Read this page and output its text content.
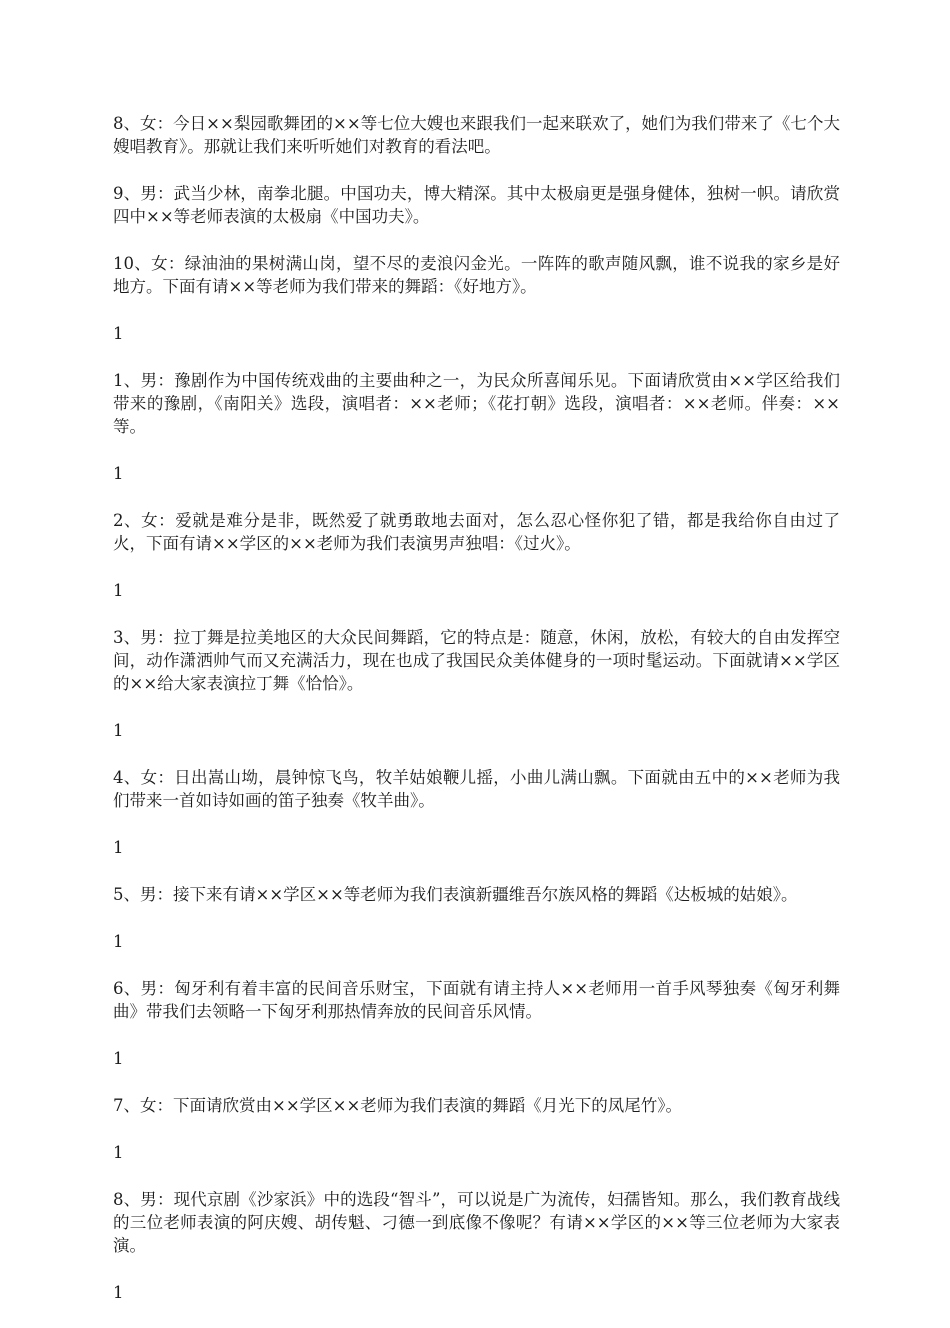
8、女：今日××梨园歌舞团的××等七位大嫂也来跟我们一起来联欢了，她们为我们带来了《七个大嫂唱教育》。那就让我们来听听她们对教育的看法吧。

9、男：武当少林，南拳北腿。中国功夫，博大精深。其中太极扇更是强身健体，独树一帜。请欣赏四中××等老师表演的太极扇《中国功夫》。

10、女：绿油油的果树满山岗，望不尽的麦浪闪金光。一阵阵的歌声随风飘，谁不说我的家乡是好地方。下面有请××等老师为我们带来的舞蹈：《好地方》。

1

1、男：豫剧作为中国传统戏曲的主要曲种之一，为民众所喜闻乐见。下面请欣赏由××学区给我们带来的豫剧，《南阳关》选段，演唱者：××老师；《花打朝》选段，演唱者：××老师。伴奏：××等。

1

2、女：爱就是难分是非，既然爱了就勇敢地去面对，怎么忍心怪你犯了错，都是我给你自由过了火，下面有请××学区的××老师为我们表演男声独唱：《过火》。

1

3、男：拉丁舞是拉美地区的大众民间舞蹈，它的特点是：随意，休闲，放松，有较大的自由发挥空间，动作潇洒帅气而又充满活力，现在也成了我国民众美体健身的一项时髦运动。下面就请××学区的××给大家表演拉丁舞《恰恰》。

1

4、女：日出嵩山坳，晨钟惊飞鸟，牧羊姑娘鞭儿摇，小曲儿满山飘。下面就由五中的××老师为我们带来一首如诗如画的笛子独奏《牧羊曲》。

1

5、男：接下来有请××学区××等老师为我们表演新疆维吾尔族风格的舞蹈《达板城的姑娘》。

1

6、男：匈牙利有着丰富的民间音乐财宝，下面就有请主持人××老师用一首手风琴独奏《匈牙利舞曲》带我们去领略一下匈牙利那热情奔放的民间音乐风情。

1

7、女：下面请欣赏由××学区××老师为我们表演的舞蹈《月光下的凤尾竹》。

1

8、男：现代京剧《沙家浜》中的选段“智斗”，可以说是广为流传，妇孺皆知。那么，我们教育战线的三位老师表演的阿庆嫂、胡传魁、刁德一到底像不像呢？有请××学区的××等三位老师为大家表演。

1
